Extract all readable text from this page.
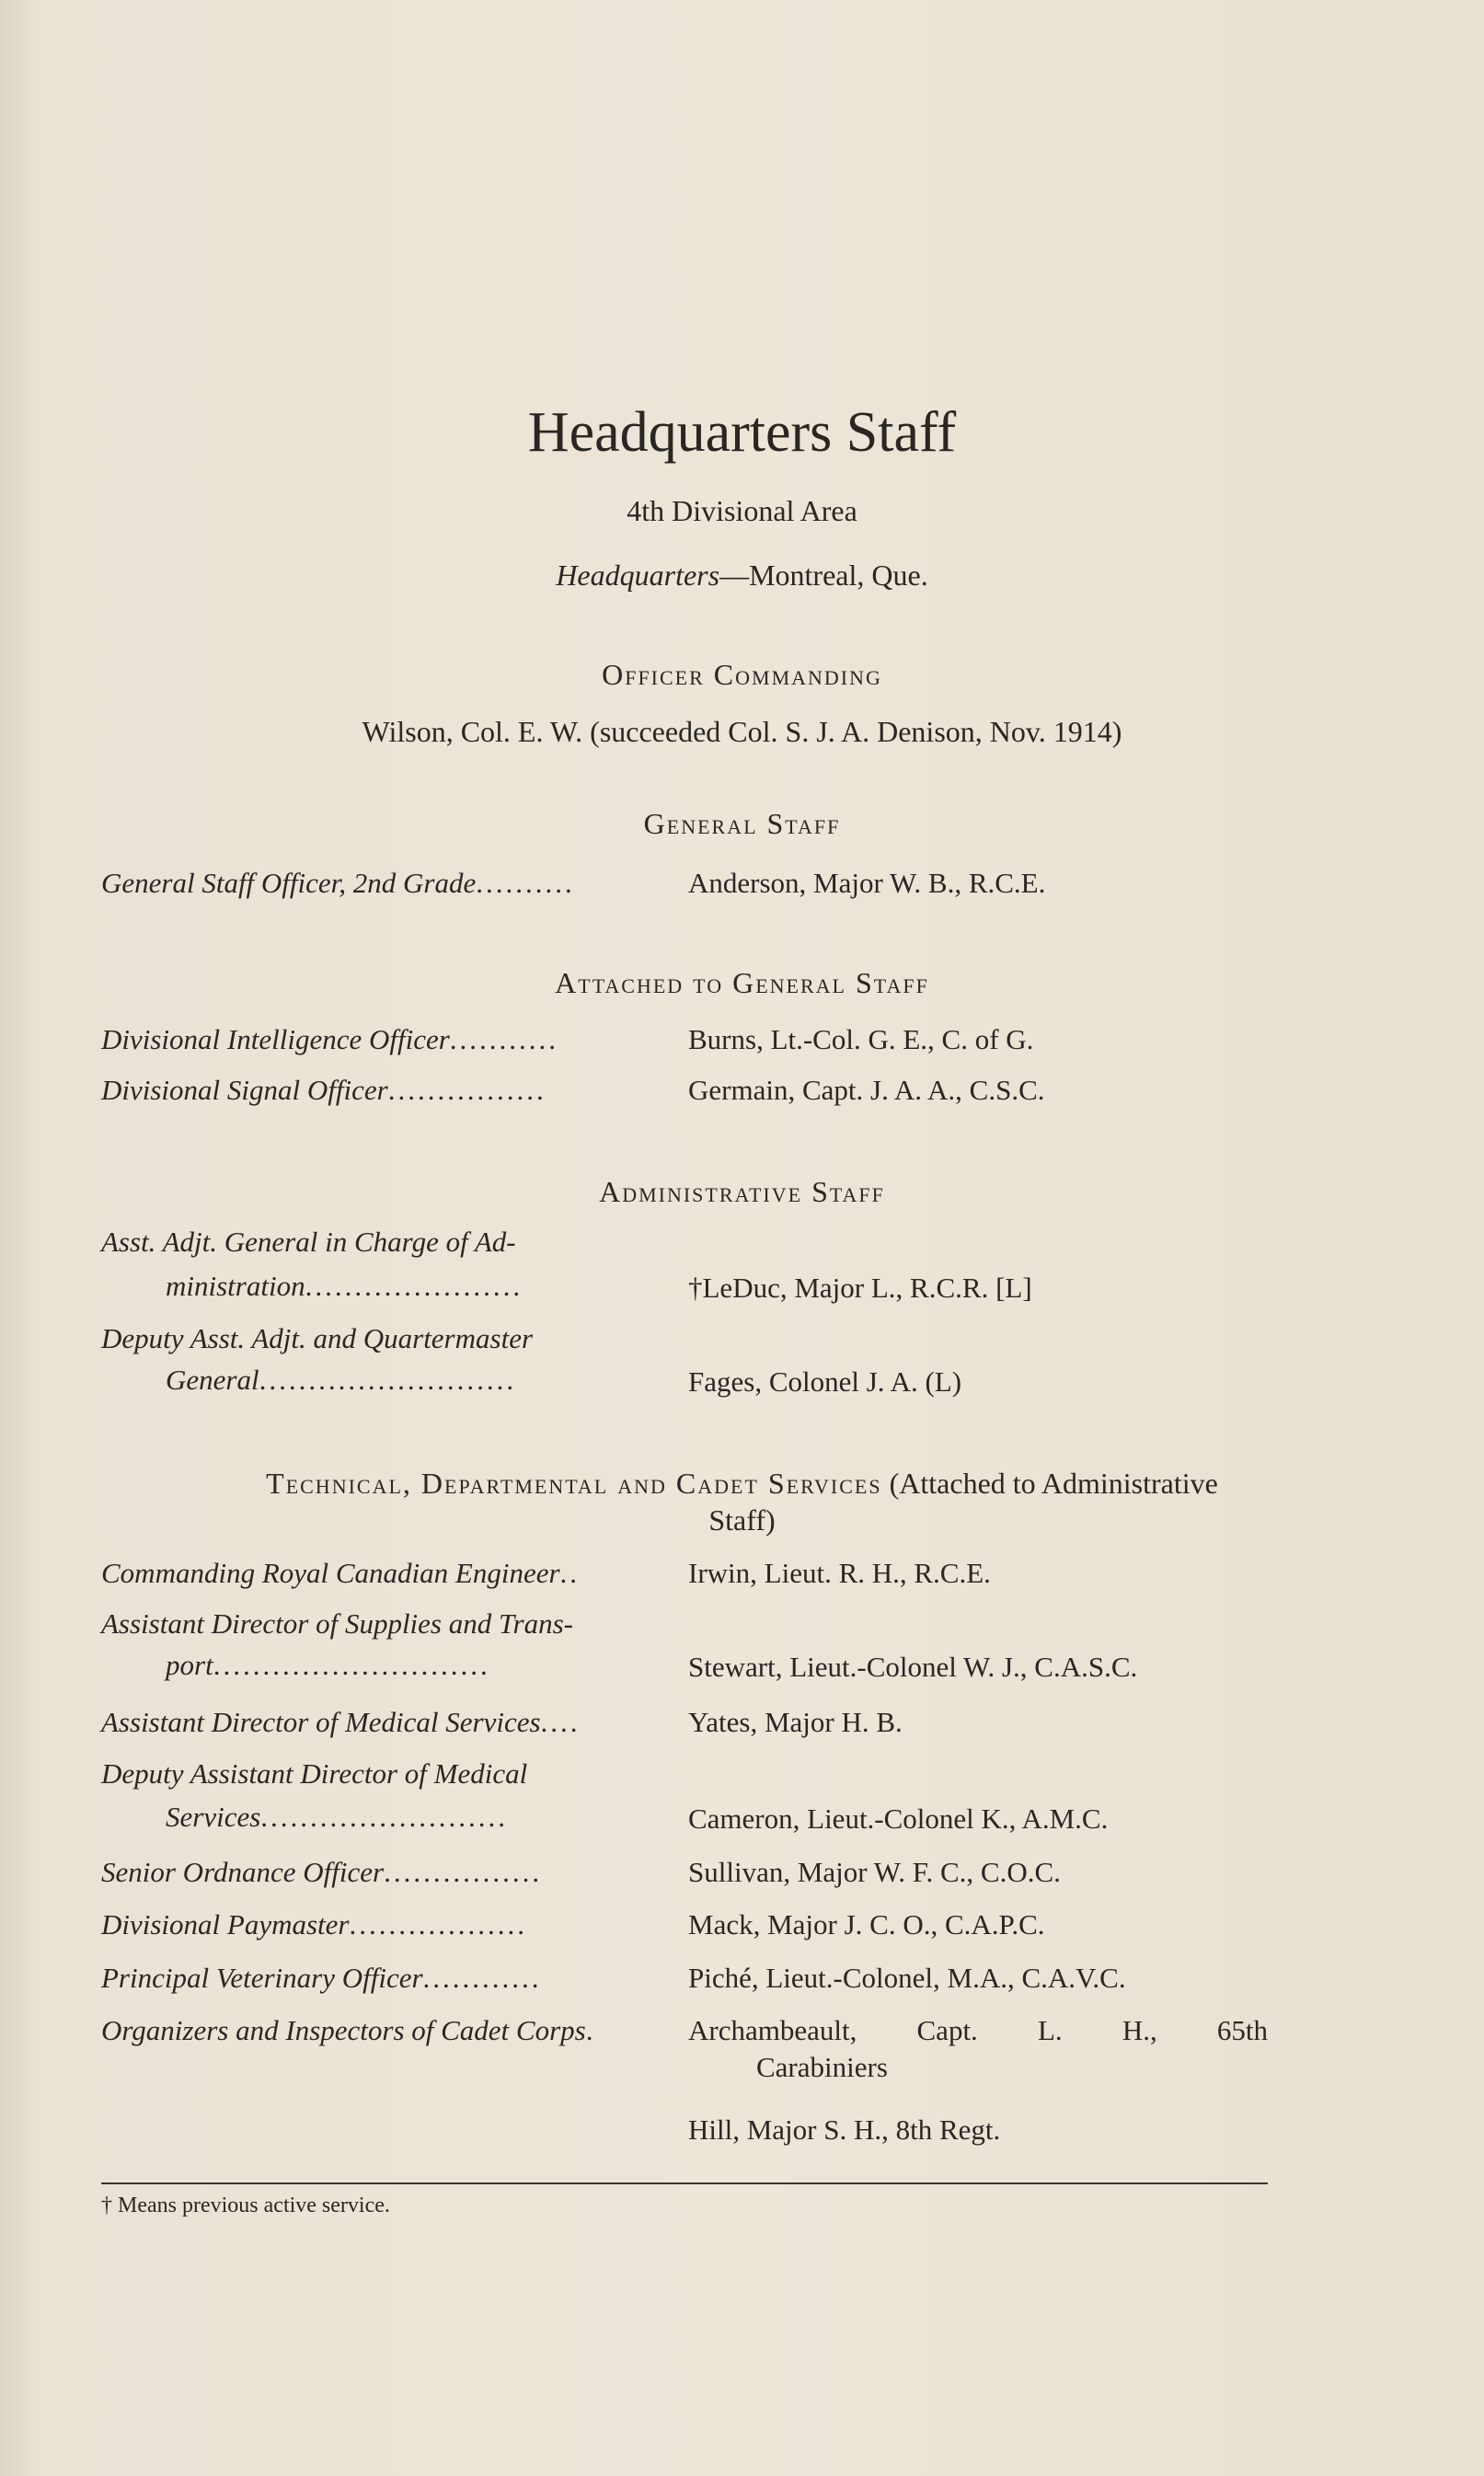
Headquarters Staff
4th Divisional Area
Headquarters—Montreal, Que.
Officer Commanding
Wilson, Col. E. W. (succeeded Col. S. J. A. Denison, Nov. 1914)
General Staff
General Staff Officer, 2nd Grade..........	Anderson, Major W. B., R.C.E.
Attached to General Staff
Divisional Intelligence Officer...........	Burns, Lt.-Col. G. E., C. of G.
Divisional Signal Officer................	Germain, Capt. J. A. A., C.S.C.
Administrative Staff
Asst. Adjt. General in Charge of Ad-
ministration......................	†LeDuc, Major L., R.C.R. [L]
Deputy Asst. Adjt. and Quartermaster
General..........................	Fages, Colonel J. A. (L)
Technical, Departmental and Cadet Services (Attached to Administrative
Staff)
Commanding Royal Canadian Engineer..	Irwin, Lieut. R. H., R.C.E.
Assistant Director of Supplies and Trans-
port............................	Stewart, Lieut.-Colonel W. J., C.A.S.C.
Assistant Director of Medical Services....	Yates, Major H. B.
Deputy Assistant Director of Medical
Services.........................	Cameron, Lieut.-Colonel K., A.M.C.
Senior Ordnance Officer................	Sullivan, Major W. F. C., C.O.C.
Divisional Paymaster..................	Mack, Major J. C. O., C.A.P.C.
Principal Veterinary Officer............	Piché, Lieut.-Colonel, M.A., C.A.V.C.
Organizers and Inspectors of Cadet Corps.	Archambeault, Capt. L. H., 65th
Carabiniers
Hill, Major S. H., 8th Regt.
† Means previous active service.
